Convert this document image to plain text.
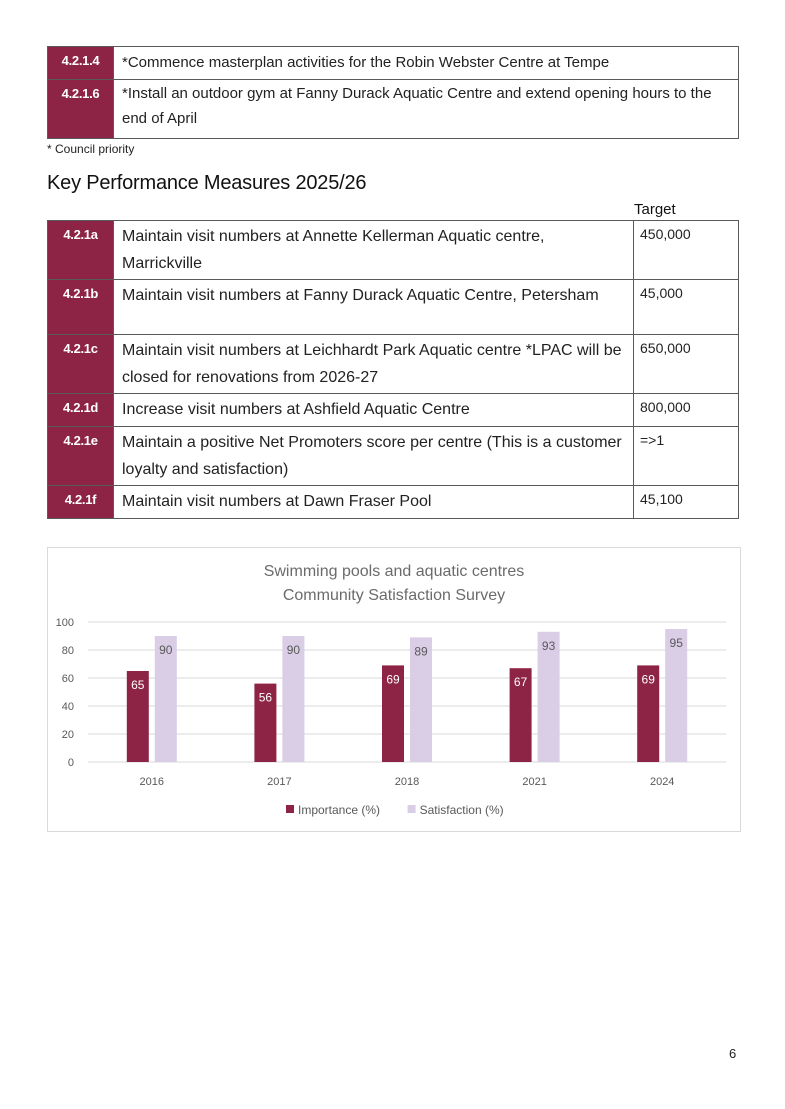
4.2.1.4	*Commence masterplan activities for the Robin Webster Centre at Tempe
4.2.1.6	*Install an outdoor gym at Fanny Durack Aquatic Centre and extend opening hours to the end of April
* Council priority
Key Performance Measures 2025/26
Target
4.2.1a	Maintain visit numbers at Annette Kellerman Aquatic centre, Marrickville	450,000
4.2.1b	Maintain visit numbers at Fanny Durack Aquatic Centre, Petersham	45,000
4.2.1c	Maintain visit numbers at Leichhardt Park Aquatic centre *LPAC will be closed for renovations from 2026-27	650,000
4.2.1d	Increase visit numbers at Ashfield Aquatic Centre	800,000
4.2.1e	Maintain a positive Net Promoters score per centre (This is a customer loyalty and satisfaction)	=>1
4.2.1f	Maintain visit numbers at Dawn Fraser Pool	45,100
Swimming pools and aquatic centres
Community Satisfaction Survey
0
20
40
60
80
100
2016
65
90
2017
56
90
2018
69
89
2021
67
93
2024
69
95
Importance (%)	Satisfaction (%)
6
